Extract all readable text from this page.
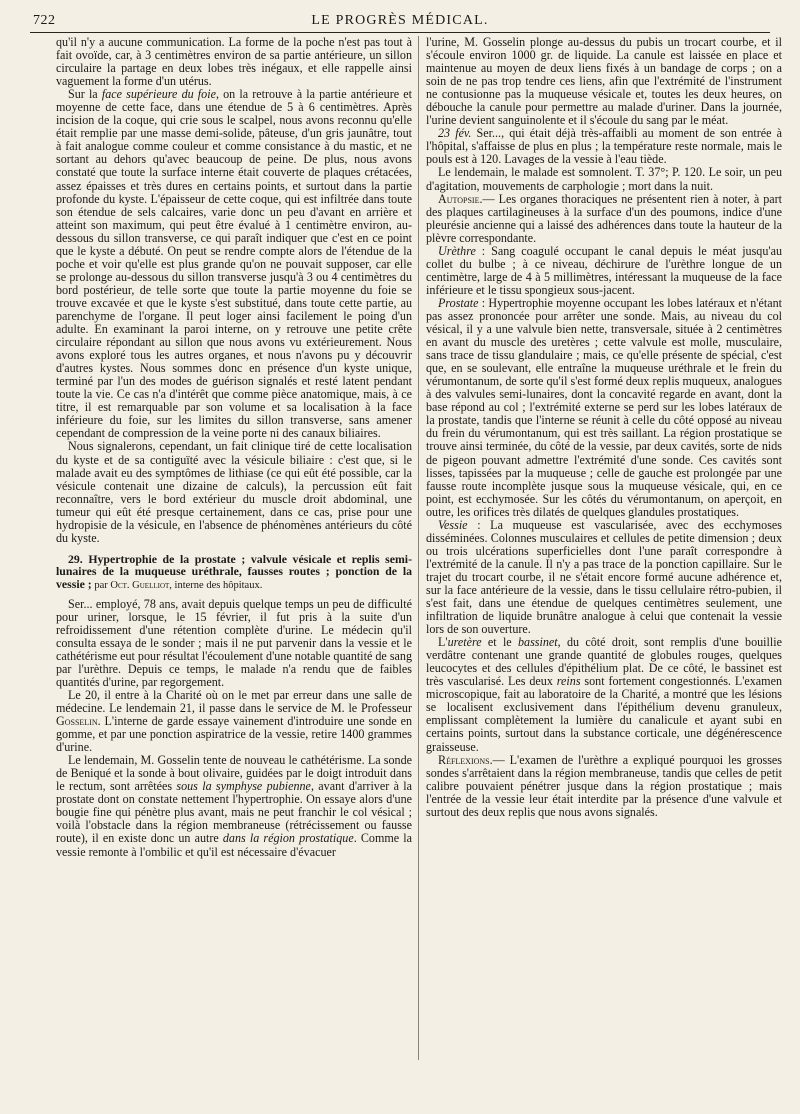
722	LE PROGRÈS MÉDICAL.

qu'il n'y a aucune communication. La forme de la poche n'est pas tout à fait ovoïde, car, à 3 centimètres environ de sa partie antérieure, un sillon circulaire la partage en deux lobes très inégaux, et elle rappelle ainsi vaguement la forme d'un utérus.

Sur la face supérieure du foie, on la retrouve à la partie antérieure et moyenne de cette face, dans une étendue de 5 à 6 centimètres. Après incision de la coque, qui crie sous le scalpel, nous avons reconnu qu'elle était remplie par une masse demi-solide, pâteuse, d'un gris jaunâtre, tout à fait analogue comme couleur et comme consistance à du mastic, et ne sortant au dehors qu'avec beaucoup de peine. De plus, nous avons constaté que toute la surface interne était couverte de plaques crétacées, assez épaisses et très dures en certains points, et surtout dans la partie profonde du kyste. L'épaisseur de cette coque, qui est infiltrée dans toute son étendue de sels calcaires, varie donc un peu d'avant en arrière et atteint son maximum, qui peut être évalué à 1 centimètre environ, au-dessous du sillon transverse, ce qui paraît indiquer que c'est en ce point que le kyste a débuté. On peut se rendre compte alors de l'étendue de la poche et voir qu'elle est plus grande qu'on ne pouvait supposer, car elle se prolonge au-dessous du sillon transverse jusqu'à 3 ou 4 centimètres du bord postérieur, de telle sorte que toute la partie moyenne du foie se trouve excavée et que le kyste s'est substitué, dans toute cette partie, au parenchyme de l'organe. Il peut loger ainsi facilement le poing d'un adulte. En examinant la paroi interne, on y retrouve une petite crête circulaire répondant au sillon que nous avons vu extérieurement. Nous avons exploré tous les autres organes, et nous n'avons pu y découvrir d'autres kystes. Nous sommes donc en présence d'un kyste unique, terminé par l'un des modes de guérison signalés et resté latent pendant toute la vie. Ce cas n'a d'intérêt que comme pièce anatomique, mais, à ce titre, il est remarquable par son volume et sa localisation à la face inférieure du foie, sur les limites du sillon transverse, sans amener cependant de compression de la veine porte ni des canaux biliaires.

Nous signalerons, cependant, un fait clinique tiré de cette localisation du kyste et de sa contiguïté avec la vésicule biliaire : c'est que, si le malade avait eu des symptômes de lithiase (ce qui eût été possible, car la vésicule contenait une dizaine de calculs), la percussion eût fait reconnaître, vers le bord extérieur du muscle droit abdominal, une tumeur qui eût été presque certainement, dans ce cas, prise pour une hydropisie de la vésicule, en l'absence de phénomènes antérieurs du côté du kyste.

29. Hypertrophie de la prostate ; valvule vésicale et replis semi-lunaires de la muqueuse uréthrale, fausses routes ; ponction de la vessie ; par Oct. Guelliot, interne des hôpitaux.

Ser... employé, 78 ans, avait depuis quelque temps un peu de difficulté pour uriner, lorsque, le 15 février, il fut pris à la suite d'un refroidissement d'une rétention complète d'urine. Le médecin qu'il consulta essaya de le sonder ; mais il ne put parvenir dans la vessie et le cathétérisme eut pour résultat l'écoulement d'une notable quantité de sang par l'urèthre. Depuis ce temps, le malade n'a rendu que de faibles quantités d'urine, par regorgement.

Le 20, il entre à la Charité où on le met par erreur dans une salle de médecine. Le lendemain 21, il passe dans le service de M. le Professeur Gosselin. L'interne de garde essaye vainement d'introduire une sonde en gomme, et par une ponction aspiratrice de la vessie, retire 1400 grammes d'urine.

Le lendemain, M. Gosselin tente de nouveau le cathétérisme. La sonde de Beniqué et la sonde à bout olivaire, guidées par le doigt introduit dans le rectum, sont arrêtées sous la symphyse pubienne, avant d'arriver à la prostate dont on constate nettement l'hypertrophie. On essaye alors d'une bougie fine qui pénètre plus avant, mais ne peut franchir le col vésical ; voilà l'obstacle dans la région membraneuse (rétrécissement ou fausse route), il en existe donc un autre dans la région prostatique. Comme la vessie remonte à l'ombilic et qu'il est nécessaire d'évacuer

l'urine, M. Gosselin plonge au-dessus du pubis un trocart courbe, et il s'écoule environ 1000 gr. de liquide. La canule est laissée en place et maintenue au moyen de deux liens fixés à un bandage de corps ; on a soin de ne pas trop tendre ces liens, afin que l'extrémité de l'instrument ne contusionne pas la muqueuse vésicale et, toutes les deux heures, on débouche la canule pour permettre au malade d'uriner. Dans la journée, l'urine devient sanguinolente et il s'écoule du sang par le méat.

23 fév. Ser..., qui était déjà très-affaibli au moment de son entrée à l'hôpital, s'affaisse de plus en plus ; la température reste normale, mais le pouls est à 120. Lavages de la vessie à l'eau tiède.

Le lendemain, le malade est somnolent. T. 37°; P. 120. Le soir, un peu d'agitation, mouvements de carphologie ; mort dans la nuit.

Autopsie.— Les organes thoraciques ne présentent rien à noter, à part des plaques cartilagineuses à la surface d'un des poumons, indice d'une pleurésie ancienne qui a laissé des adhérences dans toute la hauteur de la plèvre correspondante.

Urèthre : Sang coagulé occupant le canal depuis le méat jusqu'au collet du bulbe ; à ce niveau, déchirure de l'urèthre longue de un centimètre, large de 4 à 5 millimètres, intéressant la muqueuse de la face inférieure et le tissu spongieux sous-jacent.

Prostate : Hypertrophie moyenne occupant les lobes latéraux et n'étant pas assez prononcée pour arrêter une sonde. Mais, au niveau du col vésical, il y a une valvule bien nette, transversale, située à 2 centimètres en avant du muscle des uretères ; cette valvule est molle, musculaire, sans trace de tissu glandulaire ; mais, ce qu'elle présente de spécial, c'est que, en se soulevant, elle entraîne la muqueuse uréthrale et le frein du vérumontanum, de sorte qu'il s'est formé deux replis muqueux, analogues à des valvules semi-lunaires, dont la concavité regarde en avant, dont la base répond au col ; l'extrémité externe se perd sur les lobes latéraux de la prostate, tandis que l'interne se réunit à celle du côté opposé au niveau du frein du vérumontanum, qui est très saillant. La région prostatique se trouve ainsi terminée, du côté de la vessie, par deux cavités, sorte de nids de pigeon pouvant admettre l'extrémité d'une sonde. Ces cavités sont lisses, tapissées par la muqueuse ; celle de gauche est prolongée par une fausse route incomplète jusque sous la muqueuse vésicale, qui, en ce point, est ecchymosée. Sur les côtés du vérumontanum, on aperçoit, en outre, les orifices très dilatés de quelques glandules prostatiques.

Vessie : La muqueuse est vascularisée, avec des ecchymoses disséminées. Colonnes musculaires et cellules de petite dimension ; deux ou trois ulcérations superficielles dont l'une paraît correspondre à l'extrémité de la canule. Il n'y a pas trace de la ponction capillaire. Sur le trajet du trocart courbe, il ne s'était encore formé aucune adhérence et, sur la face antérieure de la vessie, dans le tissu cellulaire rétro-pubien, il s'est fait, dans une étendue de quelques centimètres seulement, une infiltration de liquide brunâtre analogue à celui que contenait la vessie lors de son ouverture.

L'uretère et le bassinet, du côté droit, sont remplis d'une bouillie verdâtre contenant une grande quantité de globules rouges, quelques leucocytes et des cellules d'épithélium plat. De ce côté, le bassinet est très vascularisé. Les deux reins sont fortement congestionnés. L'examen microscopique, fait au laboratoire de la Charité, a montré que les lésions se localisent exclusivement dans l'épithélium devenu granuleux, emplissant complètement la lumière du canalicule et ayant subi en certains points, surtout dans la substance corticale, une dégénérescence graisseuse.

Réflexions.— L'examen de l'urèthre a expliqué pourquoi les grosses sondes s'arrêtaient dans la région membraneuse, tandis que celles de petit calibre pouvaient pénétrer jusque dans la région prostatique ; mais l'entrée de la vessie leur était interdite par la présence d'une valvule et surtout des deux replis que nous avons signalés.
